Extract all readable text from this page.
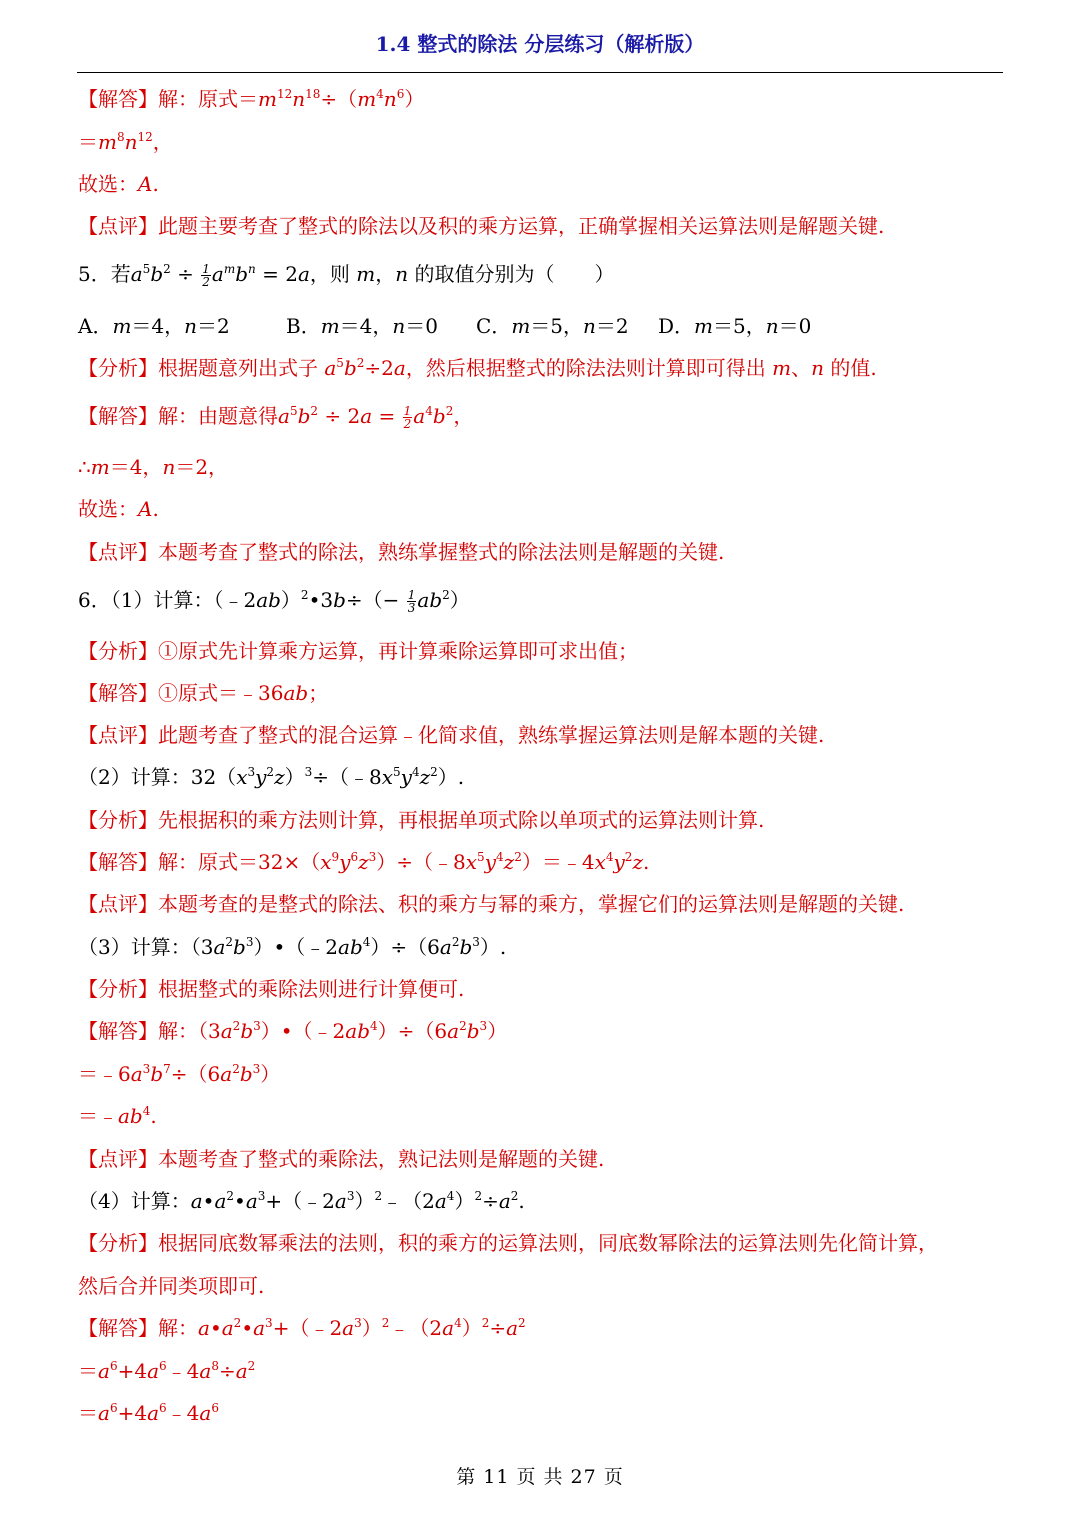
1.4 整式的除法 分层练习（解析版）
【解答】解：原式$=m^{12}n^{18}\div(m^4n^6)$
$=m^8n^{12}$，
故选：A.
【点评】此题主要考查了整式的除法以及积的乘方运算，正确掌握相关运算法则是解题关键.
5．若$a^5b^2 \div \frac{1}{2} a^mb^n = 2a$，则 m，n 的取值分别为（　　）
A．m＝4，n＝2	B．m＝4，n＝0 C．m＝5，n＝2 D．m＝5，n＝0
【分析】根据题意列出式子 $a^5b^2\div 2a$，然后根据整式的除法法则计算即可得出 m、n 的值.
【解答】解：由题意得$a^5b^2 \div 2a = \frac{1}{2} a^4b^2$，
∴m＝4，n＝2，
故选：A.
【点评】本题考查了整式的除法，熟练掌握整式的除法法则是解题的关键.
6．（1）计算：（﹣2ab）$^2$•3b÷（− $\frac{1}{3} ab^2$）
【分析】①原式先计算乘方运算，再计算乘除运算即可求出值；
【解答】①原式＝﹣36ab；
【点评】此题考查了整式的混合运算﹣化简求值，熟练掌握运算法则是解本题的关键.
（2）计算：$32(x^3y^2z)^3\div(﹣8x^5y^4z^2)$.
【分析】先根据积的乘方法则计算，再根据单项式除以单项式的运算法则计算.
【解答】解：原式$=32\times(x^9y^6z^3)\div(﹣8x^5y^4z^2)=﹣4x^4y^2z$.
【点评】本题考查的是整式的除法、积的乘方与幂的乘方，掌握它们的运算法则是解题的关键.
（3）计算：$(3a^2b^3)•(﹣2ab^4)\div(6a^2b^3)$.
【分析】根据整式的乘除法则进行计算便可.
【解答】解：$(3a^2b^3)•(﹣2ab^4)\div(6a^2b^3)$
$=﹣6a^3b^7\div(6a^2b^3)$
$=﹣ab^4$.
【点评】本题考查了整式的乘除法，熟记法则是解题的关键.
（4）计算：$a•a^2•a^3+(﹣2a^3)^2﹣(2a^4)^2\div a^2$.
【分析】根据同底数幂乘法的法则，积的乘方的运算法则，同底数幂除法的运算法则先化简计算，
然后合并同类项即可.
【解答】解：$a•a^2•a^3+(﹣2a^3)^2﹣(2a^4)^2\div a^2$
$=a^6+4a^6﹣4a^8\div a^2$
$=a^6+4a^6﹣4a^6$
第 11 页 共 27 页
